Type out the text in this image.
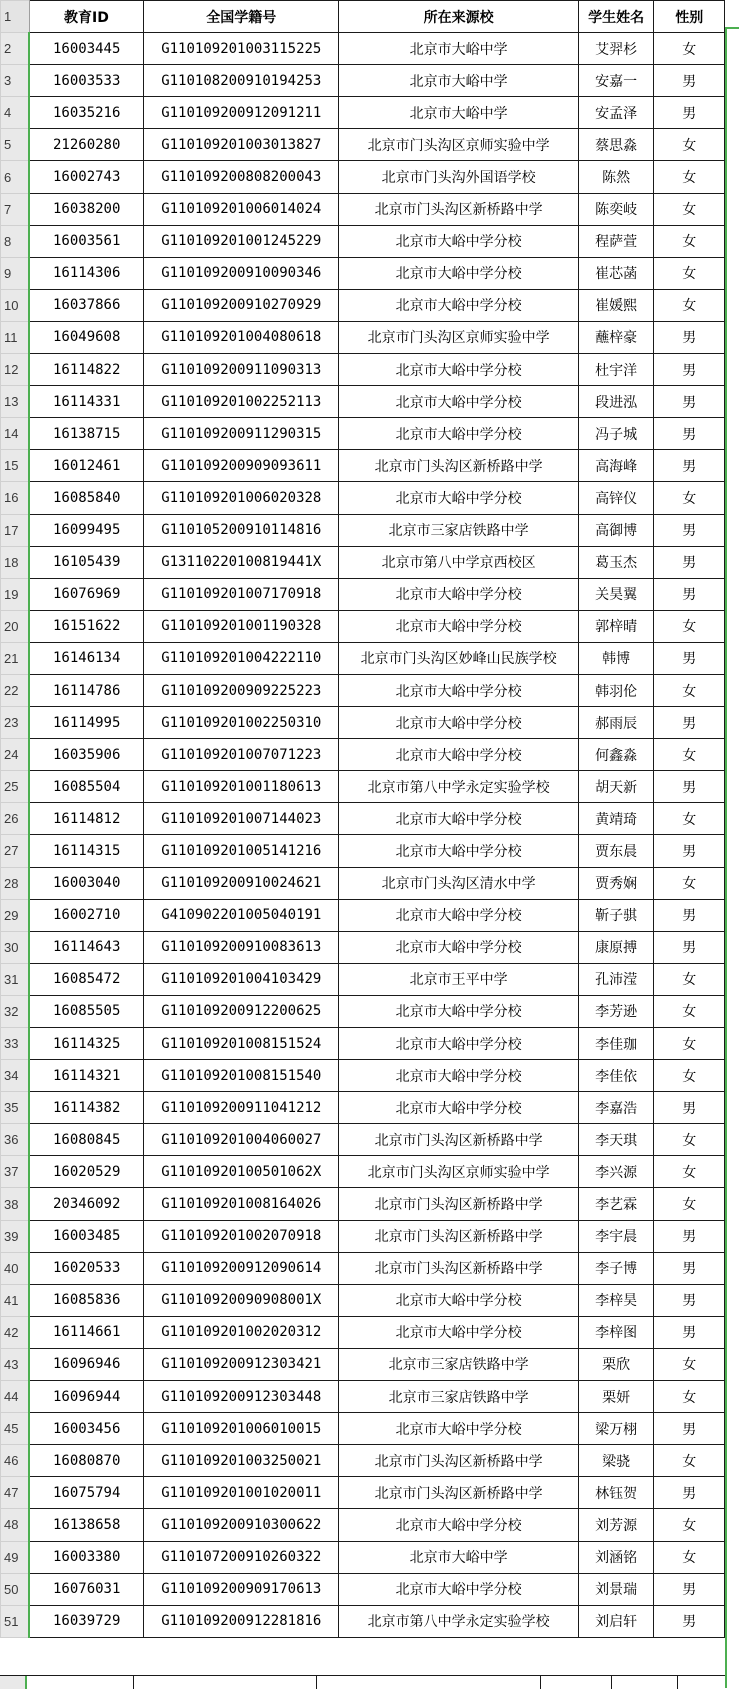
1	教育ID	全国学籍号	所在来源校	学生姓名	性别
2	16003445	G110109201003115225	北京市大峪中学	艾羿杉	女
3	16003533	G110108200910194253	北京市大峪中学	安嘉一	男
4	16035216	G110109200912091211	北京市大峪中学	安孟泽	男
5	21260280	G110109201003013827	北京市门头沟区京师实验中学	蔡思淼	女
6	16002743	G110109200808200043	北京市门头沟外国语学校	陈然	女
7	16038200	G110109201006014024	北京市门头沟区新桥路中学	陈奕岐	女
8	16003561	G110109201001245229	北京市大峪中学分校	程萨萱	女
9	16114306	G110109200910090346	北京市大峪中学分校	崔芯菡	女
10	16037866	G110109200910270929	北京市大峪中学分校	崔媛熙	女
11	16049608	G110109201004080618	北京市门头沟区京师实验中学	蘸梓豪	男
12	16114822	G110109200911090313	北京市大峪中学分校	杜宇洋	男
13	16114331	G110109201002252113	北京市大峪中学分校	段进泓	男
14	16138715	G110109200911290315	北京市大峪中学分校	冯子城	男
15	16012461	G110109200909093611	北京市门头沟区新桥路中学	高海峰	男
16	16085840	G110109201006020328	北京市大峪中学分校	高锌仪	女
17	16099495	G110105200910114816	北京市三家店铁路中学	高御博	男
18	16105439	G13110220100819441X	北京市第八中学京西校区	葛玉杰	男
19	16076969	G110109201007170918	北京市大峪中学分校	关昊翼	男
20	16151622	G110109201001190328	北京市大峪中学分校	郭梓晴	女
21	16146134	G110109201004222110	北京市门头沟区妙峰山民族学校	韩博	男
22	16114786	G110109200909225223	北京市大峪中学分校	韩羽伦	女
23	16114995	G110109201002250310	北京市大峪中学分校	郝雨辰	男
24	16035906	G110109201007071223	北京市大峪中学分校	何鑫淼	女
25	16085504	G110109201001180613	北京市第八中学永定实验学校	胡天新	男
26	16114812	G110109201007144023	北京市大峪中学分校	黄靖琦	女
27	16114315	G110109201005141216	北京市大峪中学分校	贾东晨	男
28	16003040	G110109200910024621	北京市门头沟区清水中学	贾秀娴	女
29	16002710	G410902201005040191	北京市大峪中学分校	靳子骐	男
30	16114643	G110109200910083613	北京市大峪中学分校	康原搏	男
31	16085472	G110109201004103429	北京市王平中学	孔沛滢	女
32	16085505	G110109200912200625	北京市大峪中学分校	李芳逊	女
33	16114325	G110109201008151524	北京市大峪中学分校	李佳珈	女
34	16114321	G110109201008151540	北京市大峪中学分校	李佳依	女
35	16114382	G110109200911041212	北京市大峪中学分校	李嘉浩	男
36	16080845	G110109201004060027	北京市门头沟区新桥路中学	李天琪	女
37	16020529	G11010920100501062X	北京市门头沟区京师实验中学	李兴源	女
38	20346092	G110109201008164026	北京市门头沟区新桥路中学	李艺霖	女
39	16003485	G110109201002070918	北京市门头沟区新桥路中学	李宇晨	男
40	16020533	G110109200912090614	北京市门头沟区新桥路中学	李子博	男
41	16085836	G11010920090908001X	北京市大峪中学分校	李梓昊	男
42	16114661	G110109201002020312	北京市大峪中学分校	李梓图	男
43	16096946	G110109200912303421	北京市三家店铁路中学	栗欣	女
44	16096944	G110109200912303448	北京市三家店铁路中学	栗妍	女
45	16003456	G110109201006010015	北京市大峪中学分校	梁万栩	男
46	16080870	G110109201003250021	北京市门头沟区新桥路中学	梁骁	女
47	16075794	G110109201001020011	北京市门头沟区新桥路中学	林钰贺	男
48	16138658	G110109200910300622	北京市大峪中学分校	刘芳源	女
49	16003380	G110107200910260322	北京市大峪中学	刘涵铭	女
50	16076031	G110109200909170613	北京市大峪中学分校	刘景瑞	男
51	16039729	G110109200912281816	北京市第八中学永定实验学校	刘启轩	男
